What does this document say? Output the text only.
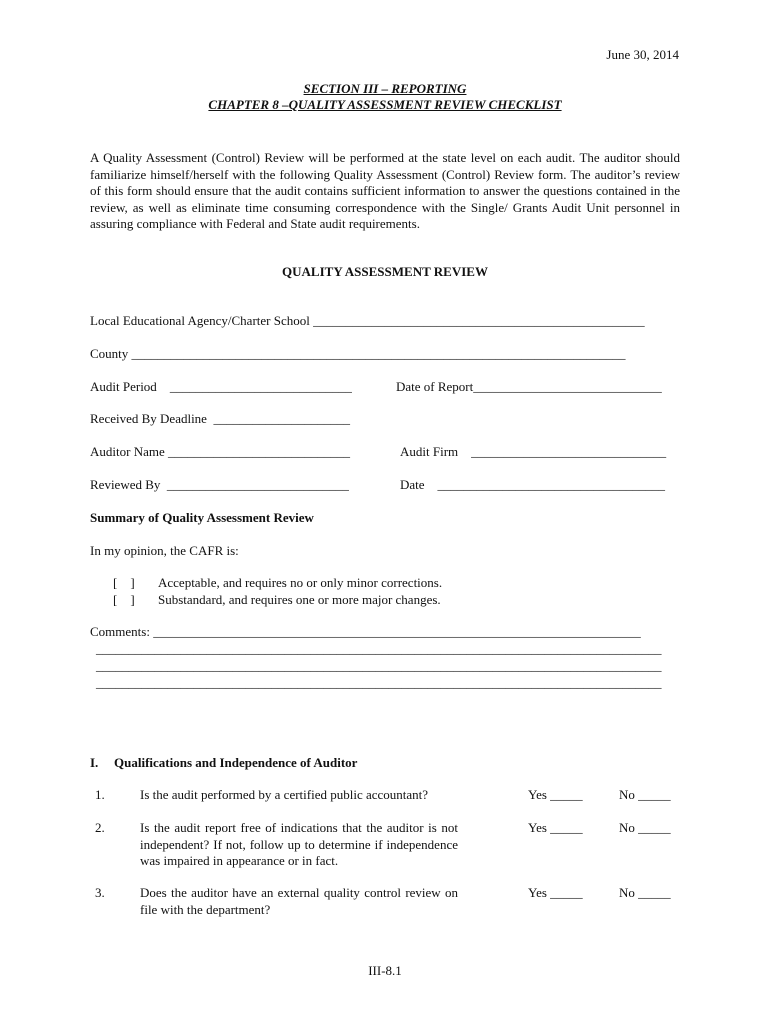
June 30, 2014
SECTION III – REPORTING
CHAPTER 8 –QUALITY ASSESSMENT REVIEW CHECKLIST
A Quality Assessment (Control) Review will be performed at the state level on each audit. The auditor should familiarize himself/herself with the following Quality Assessment (Control) Review form. The auditor’s review of this form should ensure that the audit contains sufficient information to answer the questions contained in the review, as well as eliminate time consuming correspondence with the Single/ Grants Audit Unit personnel in assuring compliance with Federal and State audit requirements.
QUALITY ASSESSMENT REVIEW
Local Educational Agency/Charter School ___________________________________________________
County ____________________________________________________________________________
Audit Period    ____________________________	Date of Report_____________________________
Received By Deadline  _____________________
Auditor Name ____________________________	Audit Firm    ______________________________
Reviewed By  ____________________________	Date    ___________________________________
Summary of Quality Assessment Review
In my opinion, the CAFR is:
[    ] Acceptable, and requires no or only minor corrections.
[    ] Substandard, and requires one or more major changes.
Comments: ___________________________________________________________________________
_______________________________________________________________________________________
_______________________________________________________________________________________
_______________________________________________________________________________________
I. Qualifications and Independence of Auditor
1.	Is the audit performed by a certified public accountant?	Yes _____	No _____
2.	Is the audit report free of indications that the auditor is not independent? If not, follow up to determine if independence was impaired in appearance or in fact.
Yes _____	No _____
3.	Does the auditor have an external quality control review on file with the department?
Yes _____	No _____
III-8.1
